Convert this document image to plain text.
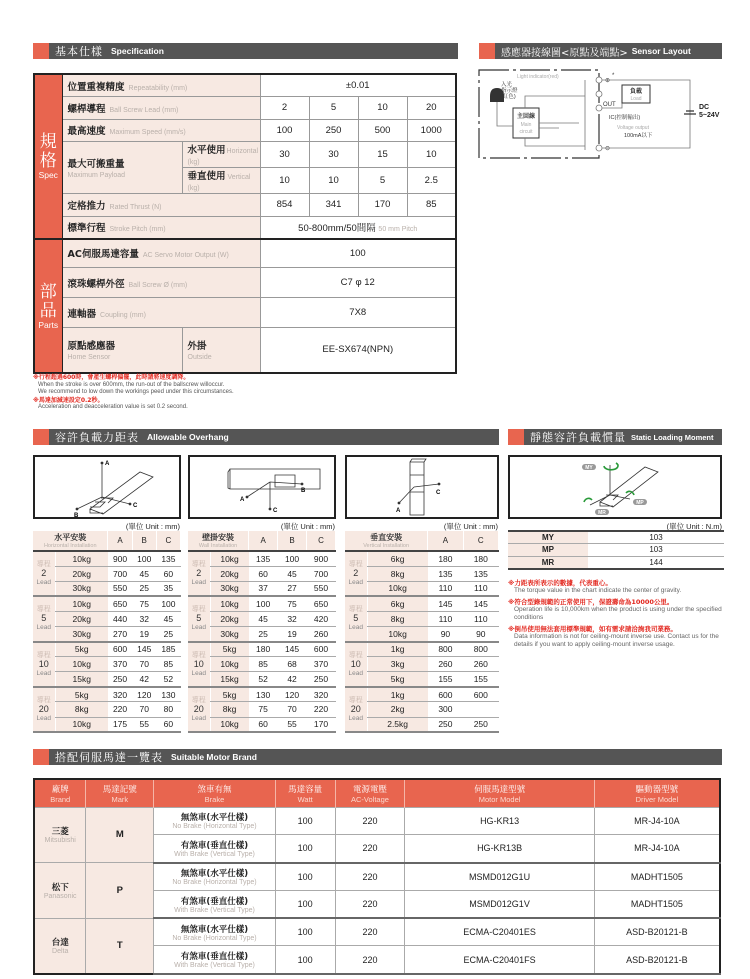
基本仕樣 Specification	感應器接線圖<原點及端點> Sensor Layout
容許負載力距表 Allowable Overhang	靜態容許負載慣量 Static Loading Moment
搭配伺服馬達一覽表 Suitable Motor Brand
規
格
Spec	位置重複精度 Repeatability (mm)		±0.01			
	螺桿導程 Ball Screw Lead (mm)		2	5	10	20
	最高速度 Maximum Speed (mm/s)		100	250	500	1000
	最大可搬重量
Maximum Payload	水平使用Horizontal (kg)	30	30	15	10
		垂直使用 Vertical (kg)	10	10	5	2.5
	定格推力 Rated Thrust (N)		854	341	170	85
	標準行程 Stroke Pitch (mm)		50-800mm/50間隔 50 mm Pitch			

部
品
Parts	AC伺服馬達容量 AC Servo Motor Output (W)		100			
	滾珠螺桿外徑 Ball Screw Ø (mm)		C7 φ 12			
	連軸器 Coupling (mm)		7X8			
	原點感應器
Home Sensor	外掛
Outside	EE-SX674(NPN)			
※行程超過600時，會產生螺桿偏擺，此時請將速度調降。
When the stroke is over 600mm, the run-out of the ballscrew willoccur.
We recommend to low down the workings peed under this circumstances.
※馬達加減速設定0.2秒。
Acceleration and deacceleration value is set 0.2 second.
Light indicator(red)
入光
指示燈
(紅色)
主回線
Main
circuit
⊕
*
OUT
⊖
負載
Load
IC(控制輸出)
Voltage output
100mA以下
DC
5~24V
A
C
B
A
B
C	A
C
(單位 Unit : mm)	(單位 Unit : mm)	(單位 Unit : mm)
水平安裝
Horizontal Installation		A	B	C

導程
2
Lead	10kg	900	100	135
	20kg	700	45	60
	30kg	550	25	35

導程
5
Lead	10kg	650	75	100
	20kg	440	32	45
	30kg	270	19	25

導程
10
Lead	5kg	600	145	185
	10kg	370	70	85
	15kg	250	42	52

導程
20
Lead	5kg	320	120	130
	8kg	220	70	80
	10kg	175	55	60
壁掛安裝
Wall Installation		A	B	C

導程
2
Lead	10kg	135	100	900
	20kg	60	45	700
	30kg	37	27	550

導程
5
Lead	10kg	100	75	650
	20kg	45	32	420
	30kg	25	19	260

導程
10
Lead	5kg	180	145	600
	10kg	85	68	370
	15kg	52	42	250

導程
20
Lead	5kg	130	120	320
	8kg	75	70	220
	10kg	60	55	170
垂直安裝
Vertical Installation		A	C

導程
2
Lead	6kg	180	180
	8kg	135	135
	10kg	110	110

導程
5
Lead	6kg	145	145
	8kg	110	110
	10kg	90	90

導程
10
Lead	1kg	800	800
	3kg	260	260
	5kg	155	155

導程
20
Lead	1kg	600	600
	2kg	300	
	2.5kg	250	250
MY
MP
MR
(單位 Unit : N.m)
MY	103
MP	103
MR	144
※力距表所表示的數據，代表重心。
The torque value in the chart indicate the center of gravity.
※符合型錄規範的正常使用下，保證壽命為10000公里。
Operation life is 10,000km when the product is using under the specified conditions
※倒吊使用無法套用標準規範，如有需求請洽詢我司業務。
Data information is not for ceiling-mount inverse use. Contact us for the details if you want to apply ceiling-mount inverse usage.
廠牌
Brand	馬達記號
Mark	煞車有無
Brake	馬達容量
Watt	電源電壓
AC-Voltage	伺服馬達型號
Motor Model	驅動器型號
Driver Model

三菱
Mitsubishi	M	無煞車(水平仕樣)
No Brake (Horizontal Type)	100	220	HG-KR13	MR-J4-10A

		有煞車(垂直仕樣)
With Brake (Vertical Type)	100	220	HG-KR13B	MR-J4-10A

松下
Panasonic	P	無煞車(水平仕樣)
No Brake (Horizontal Type)	100	220	MSMD012G1U	MADHT1505

		有煞車(垂直仕樣)
With Brake (Vertical Type)	100	220	MSMD012G1V	MADHT1505

台達
Delta	T	無煞車(水平仕樣)
No Brake (Horizontal Type)	100	220	ECMA-C20401ES	ASD-B20121-B

		有煞車(垂直仕樣)
With Brake (Vertical Type)	100	220	ECMA-C20401FS	ASD-B20121-B
